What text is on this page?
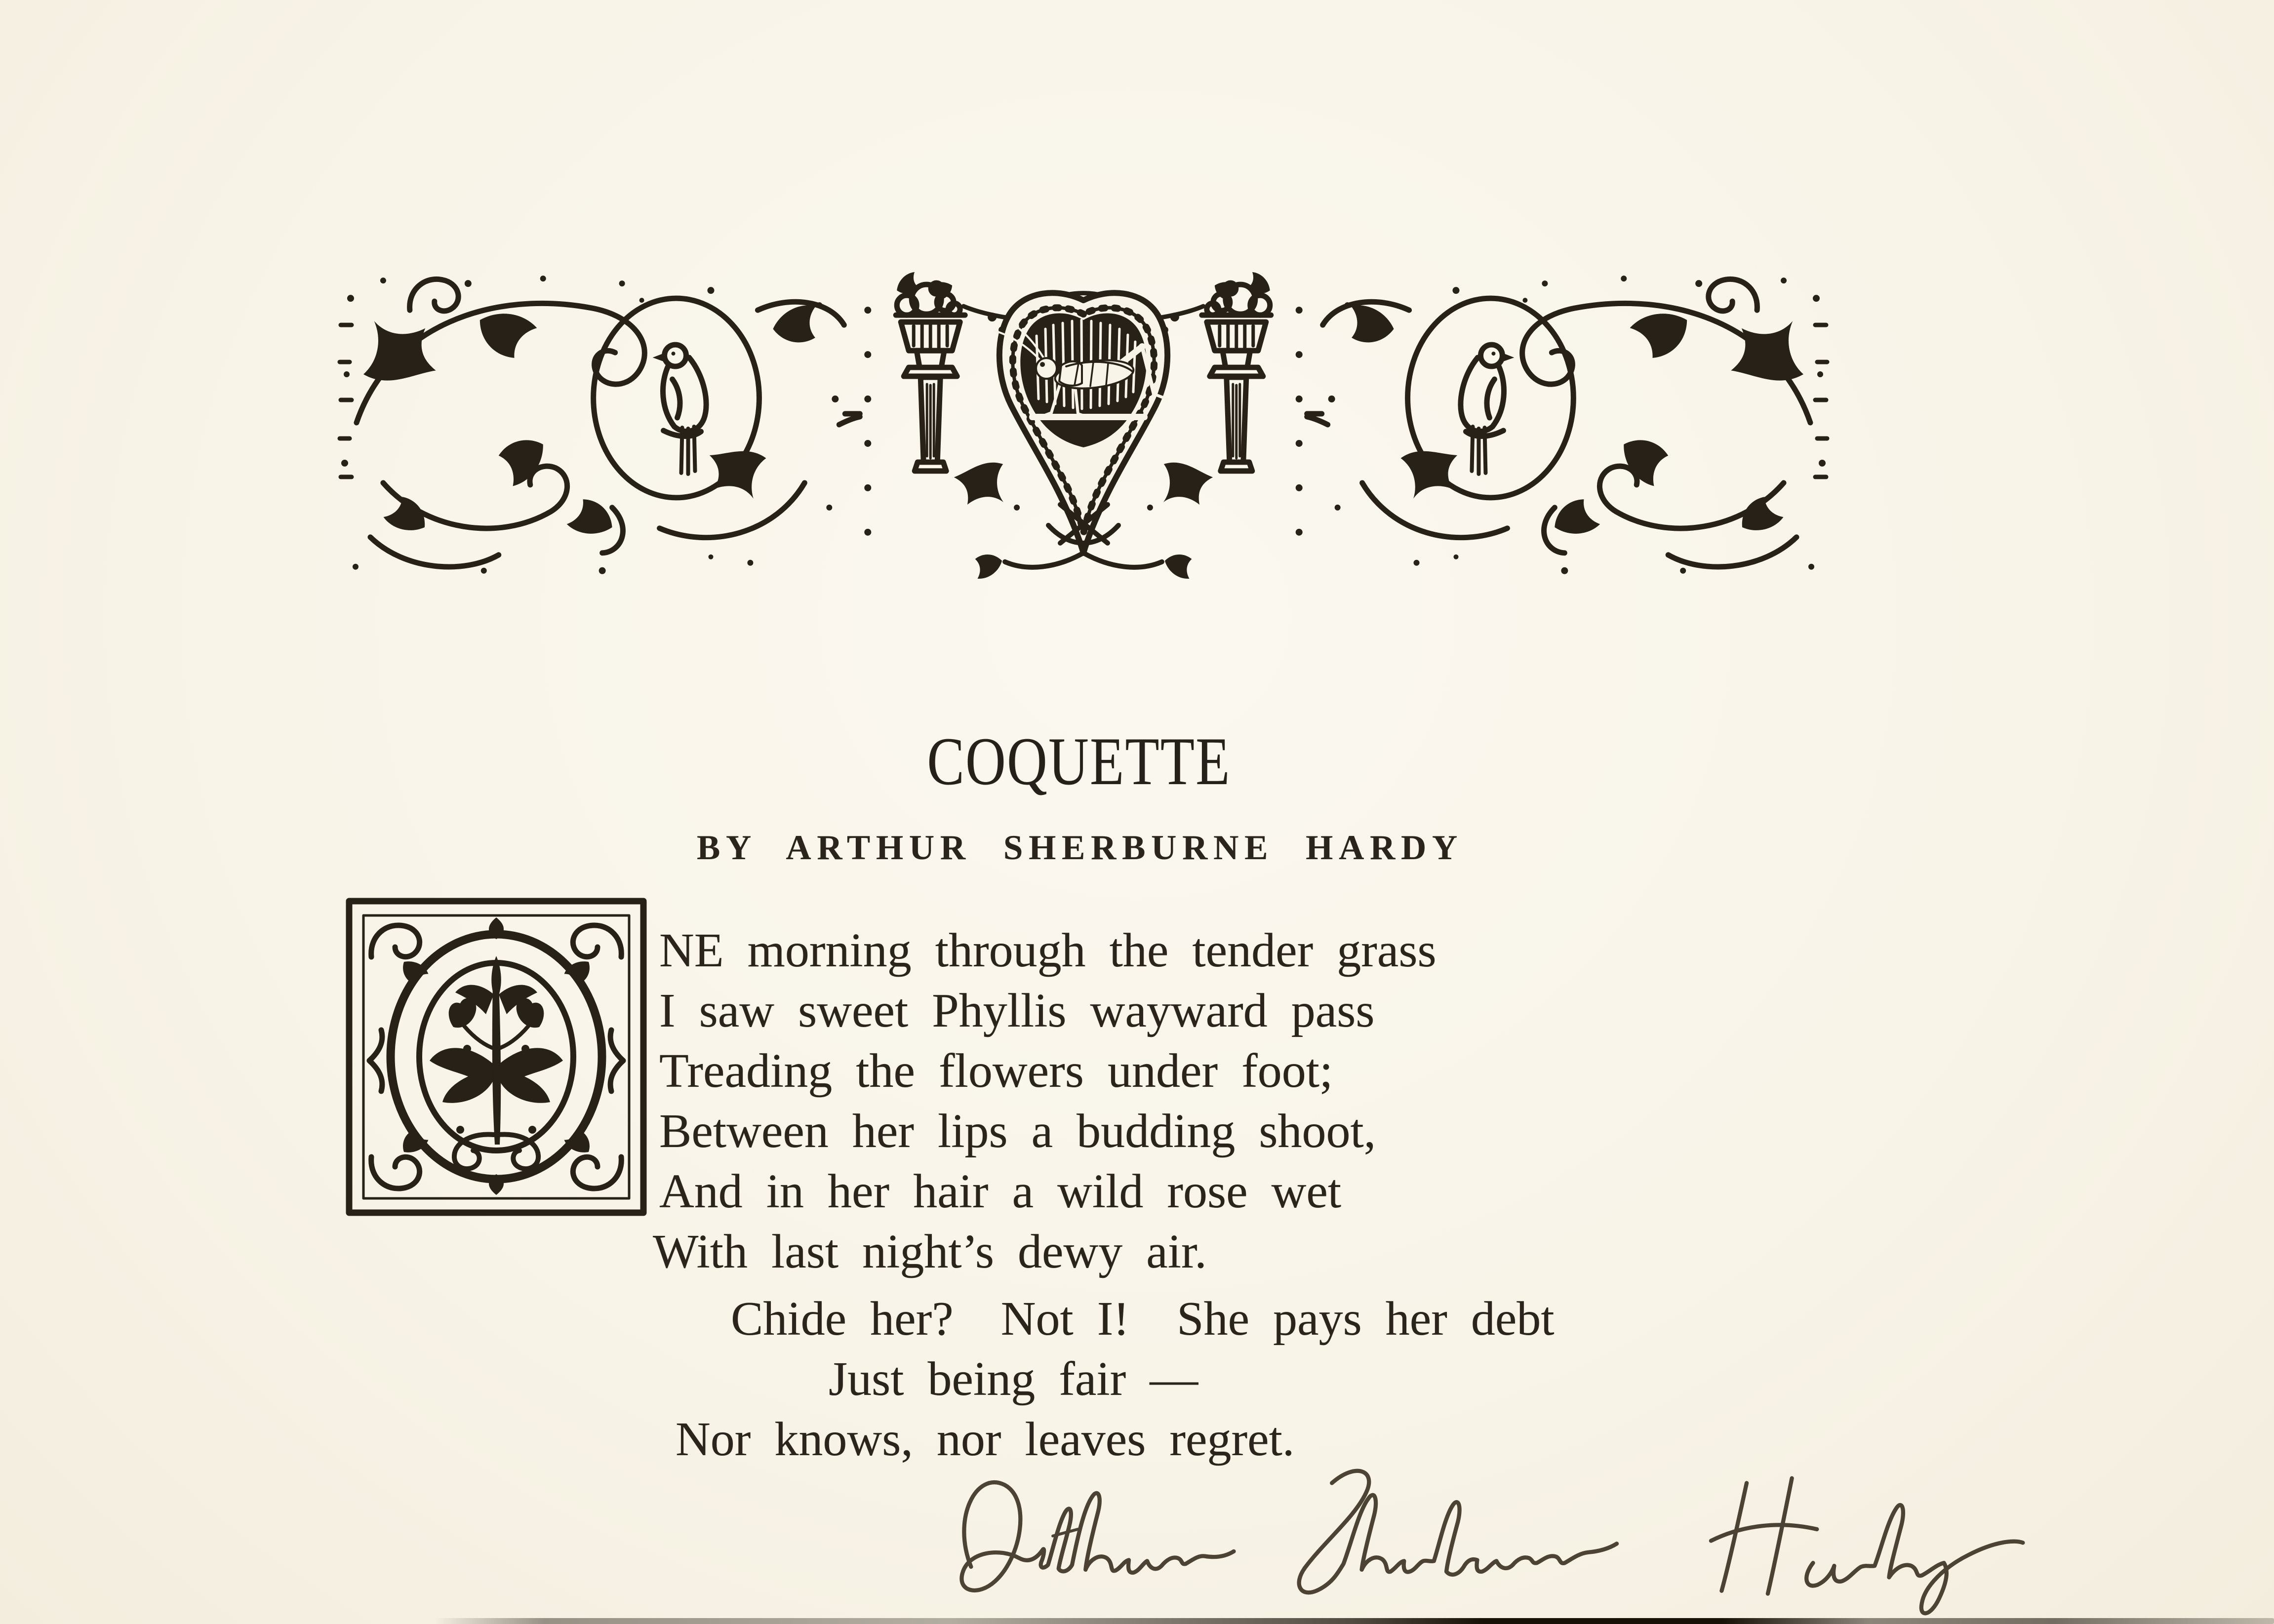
COQUETTE
BY ARTHUR SHERBURNE HARDY
NE morning through the tender grass
I saw sweet Phyllis wayward pass
Treading the flowers under foot;
Between her lips a budding shoot,
And in her hair a wild rose wet
With last night’s dewy air.
Chide her?  Not I!  She pays her debt
Just being fair —
Nor knows, nor leaves regret.
